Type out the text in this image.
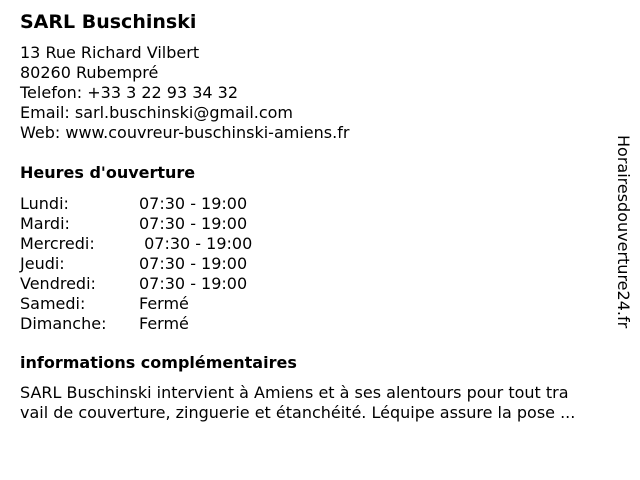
SARL Buschinski
13 Rue Richard Vilbert
80260 Rubempré
Telefon: +33 3 22 93 34 32
Email: sarl.buschinski@gmail.com
Web: www.couvreur-buschinski-amiens.fr
Heures d'ouverture
Lundi:	07:30 - 19:00
Mardi:	07:30 - 19:00
Mercredi:	07:30 - 19:00
Jeudi:	07:30 - 19:00
Vendredi:	07:30 - 19:00
Samedi:	Fermé
Dimanche: Fermé
informations complémentaires
SARL Buschinski intervient à Amiens et à ses alentours pour tout tra
vail de couverture, zinguerie et étanchéité. Léquipe assure la pose ...
Horairesdouverture24.fr
